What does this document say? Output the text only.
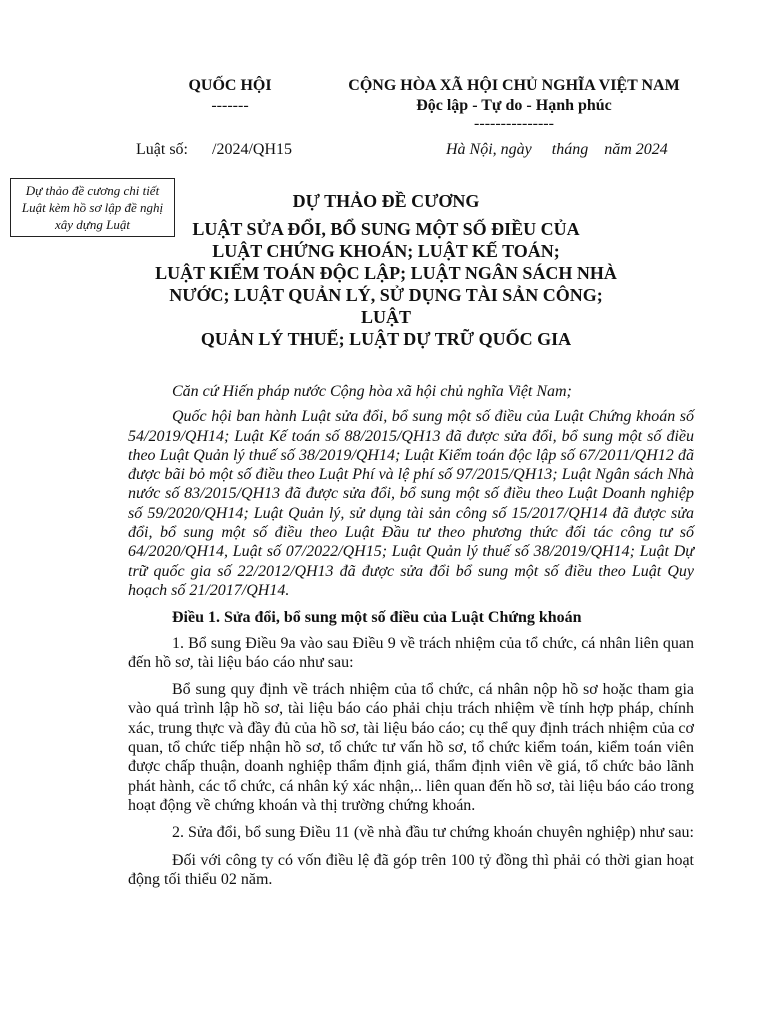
QUỐC HỘI
-------
CỘNG HÒA XÃ HỘI CHỦ NGHĨA VIỆT NAM
Độc lập - Tự do - Hạnh phúc
---------------
Luật số:      /2024/QH15	Hà Nội, ngày     tháng    năm 2024
Dự thảo đề cương chi tiết Luật kèm hồ sơ lập đề nghị xây dựng Luật
DỰ THẢO ĐỀ CƯƠNG
LUẬT SỬA ĐỔI, BỔ SUNG MỘT SỐ ĐIỀU CỦA
LUẬT CHỨNG KHOÁN; LUẬT KẾ TOÁN;
LUẬT KIỂM TOÁN ĐỘC LẬP; LUẬT NGÂN SÁCH NHÀ
NƯỚC; LUẬT QUẢN LÝ, SỬ DỤNG TÀI SẢN CÔNG; LUẬT
QUẢN LÝ THUẾ; LUẬT DỰ TRỮ QUỐC GIA

Căn cứ Hiến pháp nước Cộng hòa xã hội chủ nghĩa Việt Nam;

Quốc hội ban hành Luật sửa đổi, bổ sung một số điều của Luật Chứng khoán số 54/2019/QH14; Luật Kế toán số 88/2015/QH13 đã được sửa đổi, bổ sung một số điều theo Luật Quản lý thuế số 38/2019/QH14; Luật Kiểm toán độc lập số 67/2011/QH12 đã được bãi bỏ một số điều theo Luật Phí và lệ phí số 97/2015/QH13; Luật Ngân sách Nhà nước số 83/2015/QH13 đã được sửa đổi, bổ sung một số điều theo Luật Doanh nghiệp số 59/2020/QH14; Luật Quản lý, sử dụng tài sản công số 15/2017/QH14 đã được sửa đổi, bổ sung một số điều theo Luật Đầu tư theo phương thức đối tác công tư số 64/2020/QH14, Luật số 07/2022/QH15; Luật Quản lý thuế số 38/2019/QH14; Luật Dự trữ quốc gia số 22/2012/QH13 đã được sửa đổi bổ sung một số điều theo Luật Quy hoạch số 21/2017/QH14.

Điều 1. Sửa đổi, bổ sung một số điều của Luật Chứng khoán

1. Bổ sung Điều 9a vào sau Điều 9 về trách nhiệm của tổ chức, cá nhân liên quan đến hồ sơ, tài liệu báo cáo như sau:

Bổ sung quy định về trách nhiệm của tổ chức, cá nhân nộp hồ sơ hoặc tham gia vào quá trình lập hồ sơ, tài liệu báo cáo phải chịu trách nhiệm về tính hợp pháp, chính xác, trung thực và đầy đủ của hồ sơ, tài liệu báo cáo; cụ thể quy định trách nhiệm của cơ quan, tổ chức tiếp nhận hồ sơ, tổ chức tư vấn hồ sơ, tổ chức kiểm toán, kiểm toán viên được chấp thuận, doanh nghiệp thẩm định giá, thẩm định viên về giá, tổ chức bảo lãnh phát hành, các tổ chức, cá nhân ký xác nhận,.. liên quan đến hồ sơ, tài liệu báo cáo trong hoạt động về chứng khoán và thị trường chứng khoán.

2. Sửa đổi, bổ sung Điều 11 (về nhà đầu tư chứng khoán chuyên nghiệp) như sau:

Đối với công ty có vốn điều lệ đã góp trên 100 tỷ đồng thì phải có thời gian hoạt động tối thiểu 02 năm.
